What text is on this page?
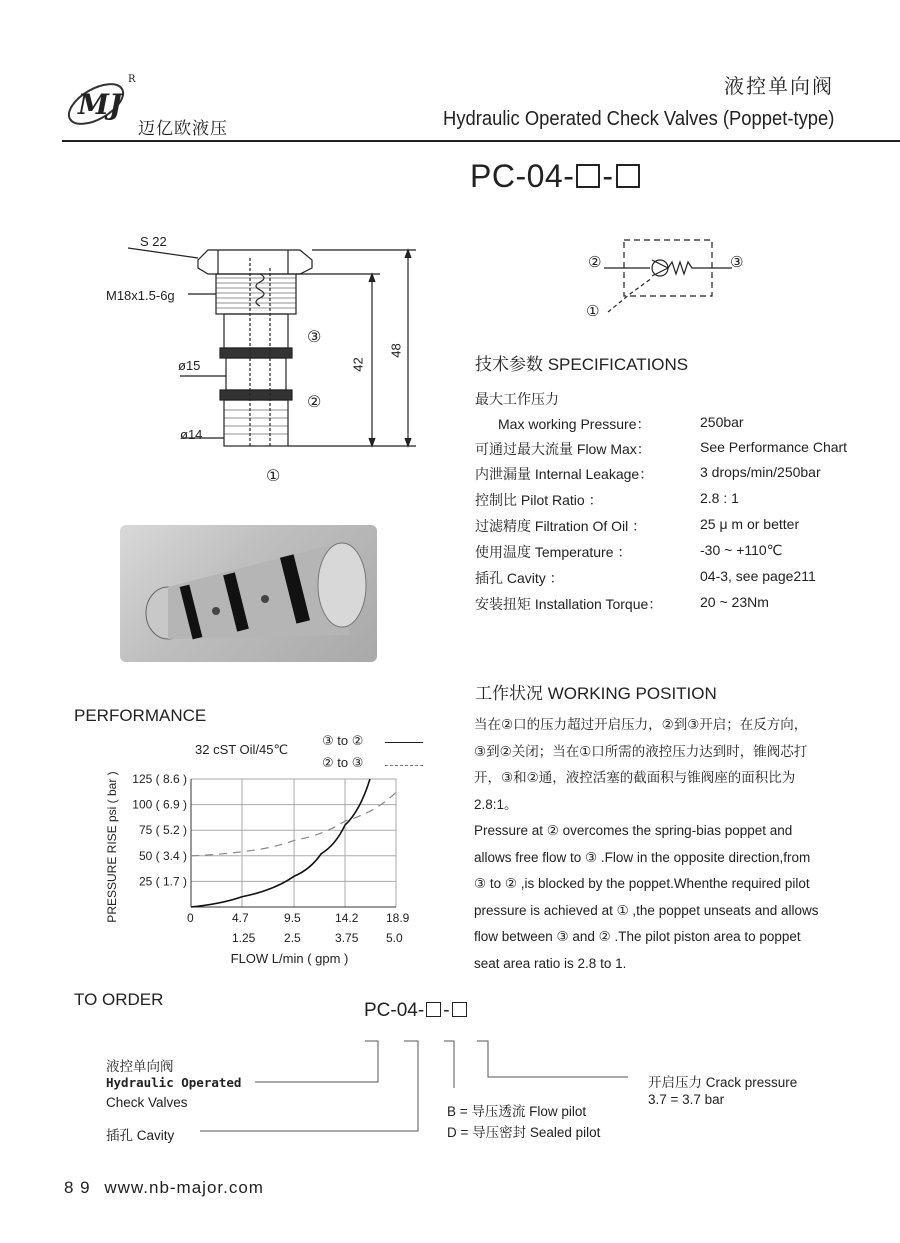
MJ
R
迈亿欧液压
液控单向阀
Hydraulic Operated Check Valves (Poppet-type)
PC-04- -
S 22
M18x1.5-6g
ø15
ø14
③
②
①
42
48
②	③
①
技术参数 SPECIFICATIONS
最大工作压力
Max working Pressure：	250bar
可通过最大流量 Flow Max：	See Performance Chart
内泄漏量 Internal Leakage：	3 drops/min/250bar
控制比 Pilot Ratio ：	2.8 : 1
过滤精度 Filtration Of Oil ：	25 μ m or better
使用温度 Temperature ：	-30 ~ +110℃
插孔 Cavity ：	04-3, see page211
安装扭矩 Installation Torque：	20 ~ 23Nm
工作状况 WORKING POSITION
当在②口的压力超过开启压力，②到③开启；在反方向，
③到②关闭；当在①口所需的液控压力达到时，锥阀芯打
开，③和②通，液控活塞的截面积与锥阀座的面积比为
2.8:1。
Pressure at ② overcomes the spring-bias poppet and
allows free flow to ③ .Flow in the opposite direction,from
③ to ② ,is blocked by the poppet.Whenthe required pilot
pressure is achieved at ① ,the poppet unseats and allows
flow between ③ and ② .The pilot piston area to poppet
seat area ratio is 2.8 to 1.
PERFORMANCE
32 cST Oil/45℃
③ to ②
② to ③
0	4.7	9.5	14.2 18.9
1.25 2.5	3.75 5.0
25 ( 1.7 )
50 ( 3.4 )
75 ( 5.2 )
100 ( 6.9 )
125 ( 8.6 )
FLOW L/min ( gpm )
PRESSURE RISE psi ( bar )
TO ORDER
PC-04- -
液控单向阀
Hydraulic Operated
Check Valves
插孔 Cavity
B = 导压透流 Flow pilot
D = 导压密封 Sealed pilot
开启压力 Crack pressure
3.7 = 3.7 bar
8 9 www.nb-major.com
